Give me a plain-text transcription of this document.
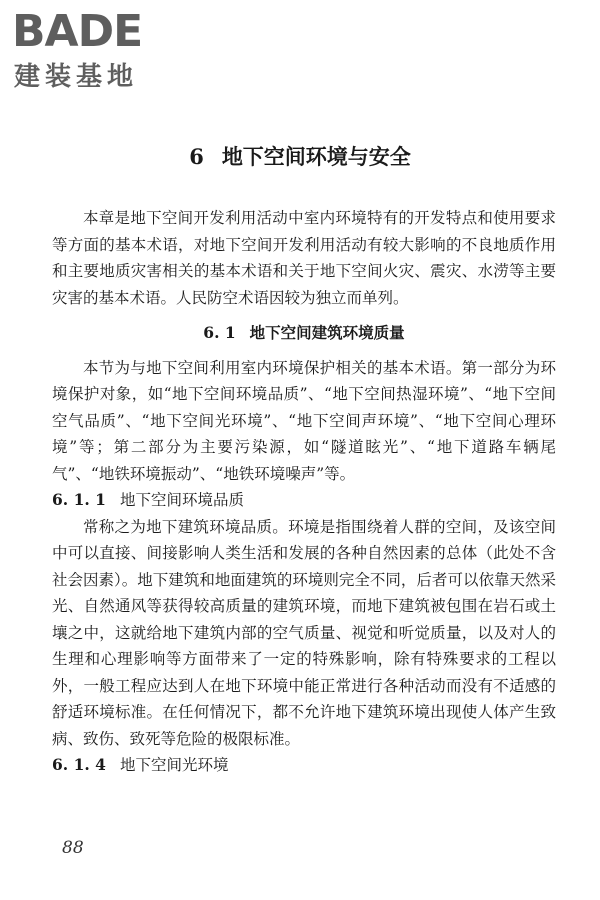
BADE
建装基地
6 地下空间环境与安全

本章是地下空间开发利用活动中室内环境特有的开发特点和使用要求等方面的基本术语，对地下空间开发利用活动有较大影响的不良地质作用和主要地质灾害相关的基本术语和关于地下空间火灾、震灾、水涝等主要灾害的基本术语。人民防空术语因较为独立而单列。

6. 1 地下空间建筑环境质量

本节为与地下空间利用室内环境保护相关的基本术语。第一部分为环境保护对象，如“地下空间环境品质”、“地下空间热湿环境”、“地下空间空气品质”、“地下空间光环境”、“地下空间声环境”、“地下空间心理环境”等；第二部分为主要污染源，如“隧道眩光”、“地下道路车辆尾气”、“地铁环境振动”、“地铁环境噪声”等。

6. 1. 1 地下空间环境品质

常称之为地下建筑环境品质。环境是指围绕着人群的空间，及该空间中可以直接、间接影响人类生活和发展的各种自然因素的总体（此处不含社会因素）。地下建筑和地面建筑的环境则完全不同，后者可以依靠天然采光、自然通风等获得较高质量的建筑环境，而地下建筑被包围在岩石或土壤之中，这就给地下建筑内部的空气质量、视觉和听觉质量，以及对人的生理和心理影响等方面带来了一定的特殊影响，除有特殊要求的工程以外，一般工程应达到人在地下环境中能正常进行各种活动而没有不适感的舒适环境标准。在任何情况下，都不允许地下建筑环境出现使人体产生致病、致伤、致死等危险的极限标准。

6. 1. 4 地下空间光环境

88
